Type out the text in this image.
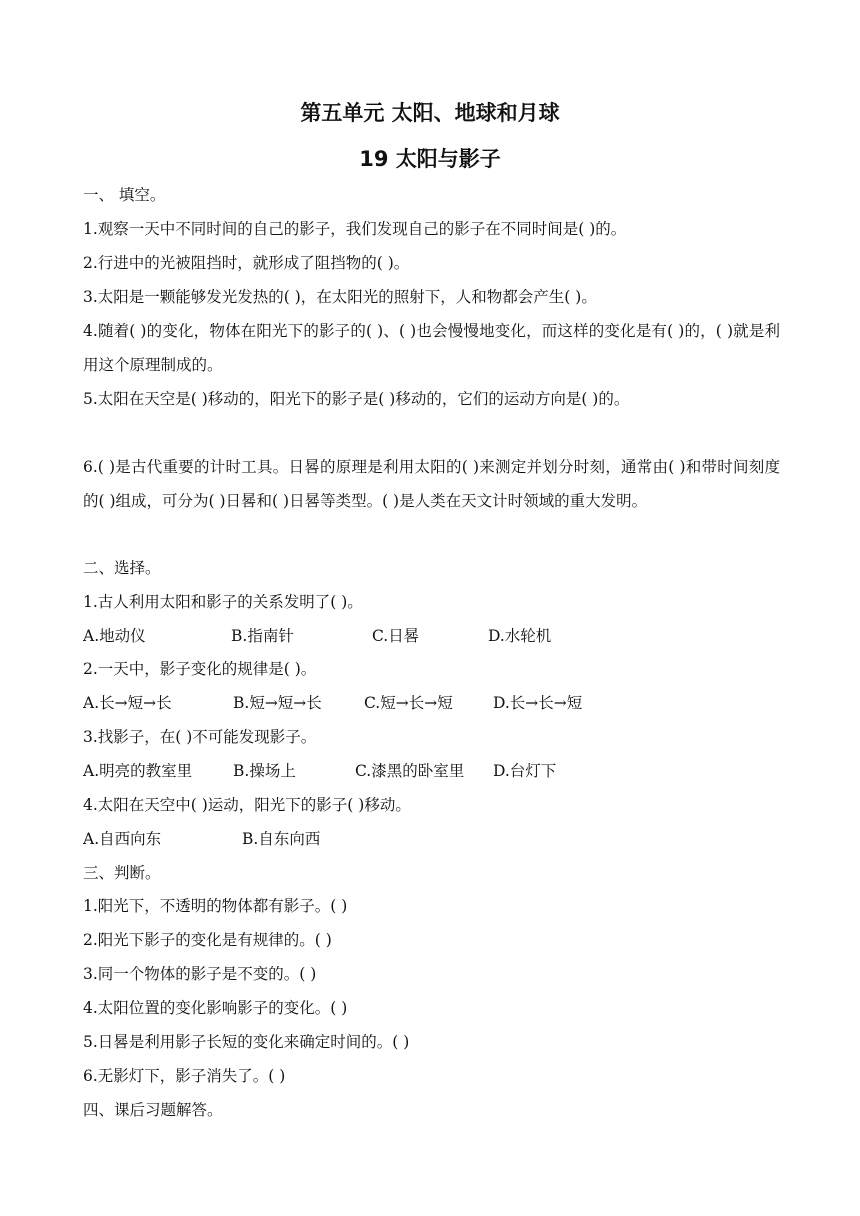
第五单元 太阳、地球和月球
19 太阳与影子
一、 填空。
1.观察一天中不同时间的自己的影子，我们发现自己的影子在不同时间是( )的。
2.行进中的光被阻挡时，就形成了阻挡物的( )。
3.太阳是一颗能够发光发热的( )，在太阳光的照射下，人和物都会产生( )。
4.随着( )的变化，物体在阳光下的影子的( )、( )也会慢慢地变化，而这样的变化是有( )的，( )就是利用这个原理制成的。
5.太阳在天空是( )移动的，阳光下的影子是( )移动的，它们的运动方向是( )的。
6.( )是古代重要的计时工具。日晷的原理是利用太阳的( )来测定并划分时刻，通常由( )和带时间刻度的( )组成，可分为( )日晷和( )日晷等类型。( )是人类在天文计时领域的重大发明。
二、选择。
1.古人利用太阳和影子的关系发明了( )。
A.地动仪	B.指南针	C.日晷	D.水轮机
2.一天中，影子变化的规律是( )。
A.长→短→长	B.短→短→长	C.短→长→短	D.长→长→短
3.找影子，在( )不可能发现影子。
A.明亮的教室里	B.操场上	C.漆黑的卧室里 D.台灯下
4.太阳在天空中( )运动，阳光下的影子( )移动。
A.自西向东	B.自东向西
三、判断。
1.阳光下，不透明的物体都有影子。( )
2.阳光下影子的变化是有规律的。( )
3.同一个物体的影子是不变的。( )
4.太阳位置的变化影响影子的变化。( )
5.日晷是利用影子长短的变化来确定时间的。( )
6.无影灯下，影子消失了。( )
四、课后习题解答。
